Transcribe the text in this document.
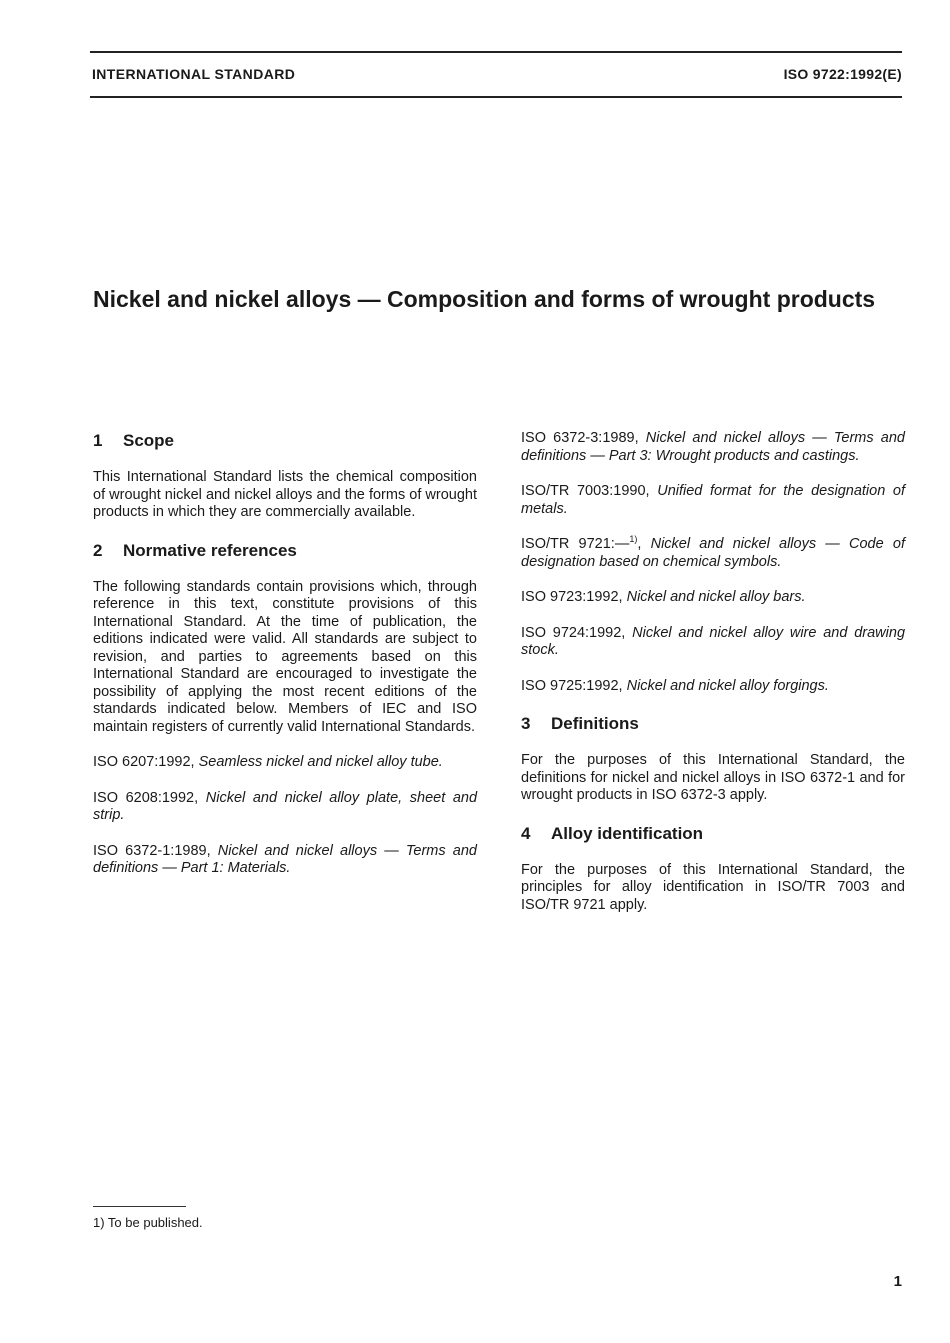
INTERNATIONAL STANDARD	ISO 9722:1992(E)
Nickel and nickel alloys — Composition and forms of wrought products
1 Scope

This International Standard lists the chemical composition of wrought nickel and nickel alloys and the forms of wrought products in which they are commercially available.

2 Normative references

The following standards contain provisions which, through reference in this text, constitute provisions of this International Standard. At the time of publication, the editions indicated were valid. All standards are subject to revision, and parties to agreements based on this International Standard are encouraged to investigate the possibility of applying the most recent editions of the standards indicated below. Members of IEC and ISO maintain registers of currently valid International Standards.

ISO 6207:1992, Seamless nickel and nickel alloy tube.

ISO 6208:1992, Nickel and nickel alloy plate, sheet and strip.

ISO 6372-1:1989, Nickel and nickel alloys — Terms and definitions — Part 1: Materials.

ISO 6372-3:1989, Nickel and nickel alloys — Terms and definitions — Part 3: Wrought products and castings.

ISO/TR 7003:1990, Unified format for the designation of metals.

ISO/TR 9721:—$^{1)}$, Nickel and nickel alloys — Code of designation based on chemical symbols.

ISO 9723:1992, Nickel and nickel alloy bars.

ISO 9724:1992, Nickel and nickel alloy wire and drawing stock.

ISO 9725:1992, Nickel and nickel alloy forgings.

3 Definitions

For the purposes of this International Standard, the definitions for nickel and nickel alloys in ISO 6372-1 and for wrought products in ISO 6372-3 apply.

4 Alloy identification

For the purposes of this International Standard, the principles for alloy identification in ISO/TR 7003 and ISO/TR 9721 apply.

1) To be published.
1
